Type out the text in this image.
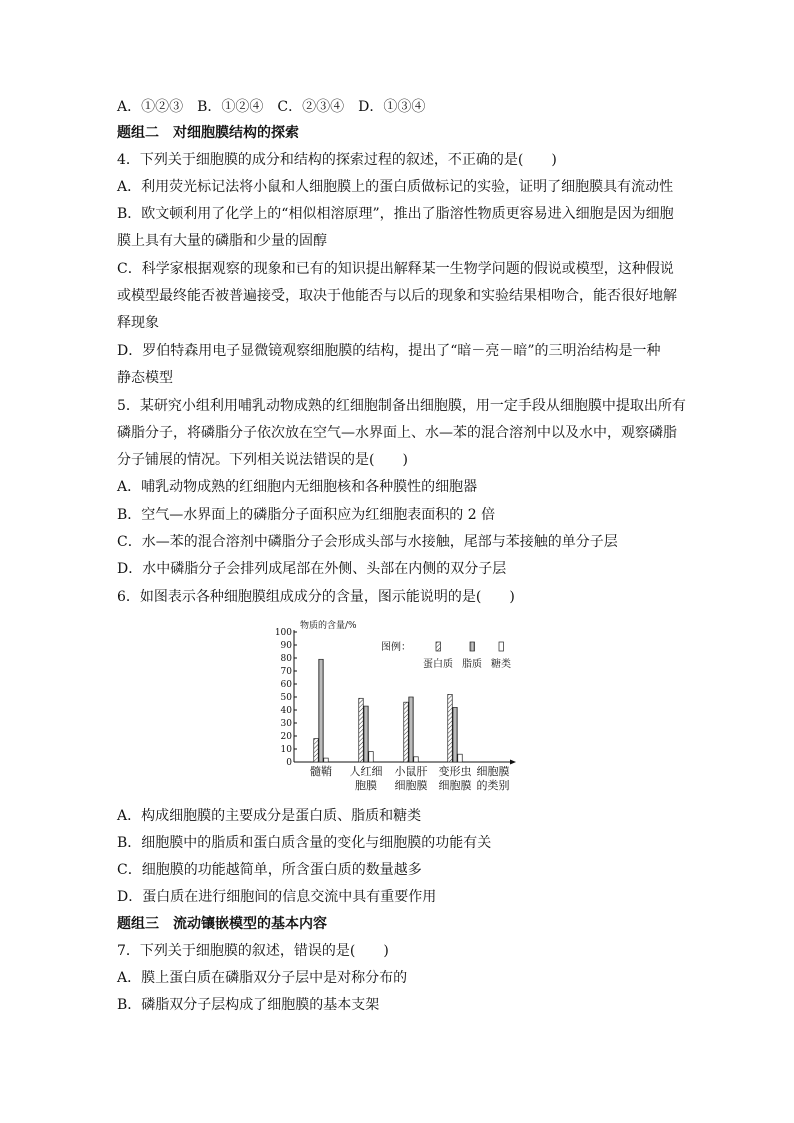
A．①②③　B．①②④　C．②③④　D．①③④
题组二　对细胞膜结构的探索
4．下列关于细胞膜的成分和结构的探索过程的叙述，不正确的是(　　)
A．利用荧光标记法将小鼠和人细胞膜上的蛋白质做标记的实验，证明了细胞膜具有流动性
B．欧文顿利用了化学上的“相似相溶原理”，推出了脂溶性物质更容易进入细胞是因为细胞
膜上具有大量的磷脂和少量的固醇
C．科学家根据观察的现象和已有的知识提出解释某一生物学问题的假说或模型，这种假说
或模型最终能否被普遍接受，取决于他能否与以后的现象和实验结果相吻合，能否很好地解
释现象
D．罗伯特森用电子显微镜观察细胞膜的结构，提出了“暗－亮－暗”的三明治结构是一种
静态模型
5．某研究小组利用哺乳动物成熟的红细胞制备出细胞膜，用一定手段从细胞膜中提取出所有
磷脂分子，将磷脂分子依次放在空气—水界面上、水—苯的混合溶剂中以及水中，观察磷脂
分子铺展的情况。下列相关说法错误的是(　　)
A．哺乳动物成熟的红细胞内无细胞核和各种膜性的细胞器
B．空气—水界面上的磷脂分子面积应为红细胞表面积的 2 倍
C．水—苯的混合溶剂中磷脂分子会形成头部与水接触，尾部与苯接触的单分子层
D．水中磷脂分子会排列成尾部在外侧、头部在内侧的双分子层
6．如图表示各种细胞膜组成成分的含量，图示能说明的是(　　)
A．构成细胞膜的主要成分是蛋白质、脂质和糖类
B．细胞膜中的脂质和蛋白质含量的变化与细胞膜的功能有关
C．细胞膜的功能越简单，所含蛋白质的数量越多
D．蛋白质在进行细胞间的信息交流中具有重要作用
题组三　流动镶嵌模型的基本内容
7．下列关于细胞膜的叙述，错误的是(　　)
A．膜上蛋白质在磷脂双分子层中是对称分布的
B．磷脂双分子层构成了细胞膜的基本支架
0
10
20
30
40
50
60
70
80
90
100
物质的含量/%
髓鞘 人红细
胞膜
小鼠肝
细胞膜
变形虫
细胞膜
细胞膜
的类别
图例：
蛋白质 脂质 糖类
